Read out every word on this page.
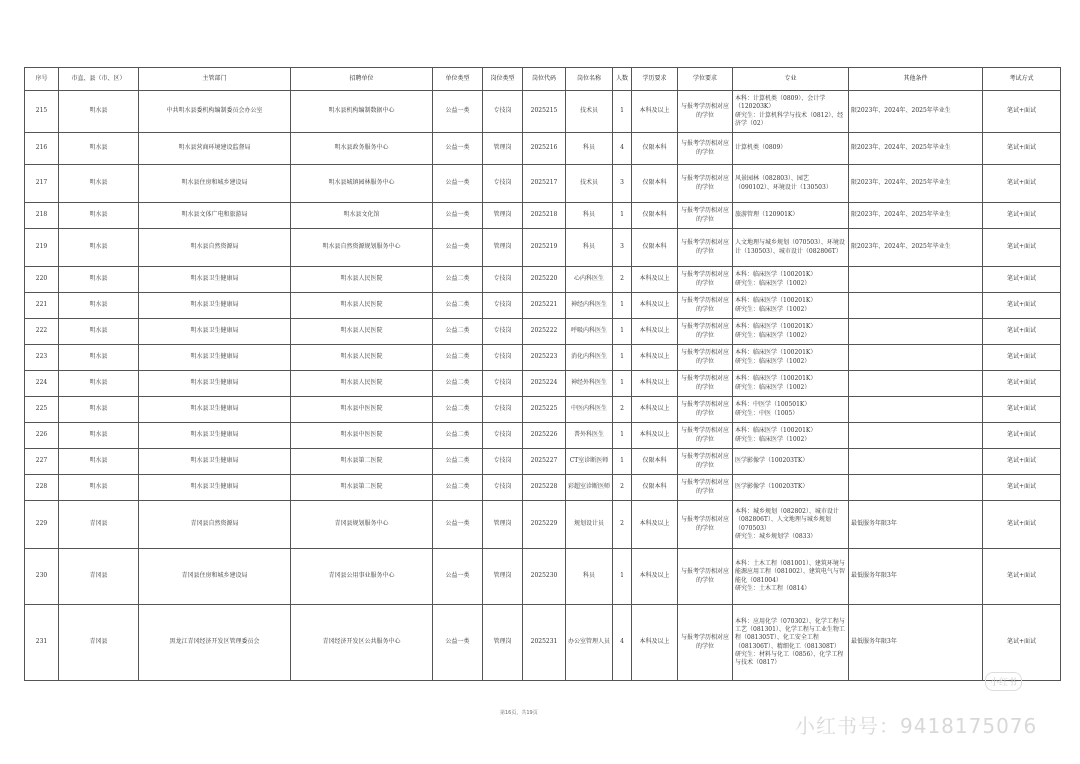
序号	市直、县（市、区）	主管部门	招聘单位	单位类型	岗位类型	岗位代码	岗位名称	人数	学历要求	学位要求	专业	其他条件	考试方式
215	明水县	中共明水县委机构编制委员会办公室	明水县机构编制数据中心	公益一类	专技岗	2025215	技术员	1	本科及以上	与报考学历相对应的学位	本科：计算机类（0809）、会计学（120203K）
研究生：计算机科学与技术（0812）、经济学（02）	限2023年、2024年、2025年毕业生	笔试+面试
216	明水县	明水县营商环境建设监督局	明水县政务服务中心	公益一类	管理岗	2025216	科员	4	仅限本科	与报考学历相对应的学位	计算机类（0809）	限2023年、2024年、2025年毕业生	笔试+面试
217	明水县	明水县住房和城乡建设局	明水县城镇园林服务中心	公益一类	专技岗	2025217	技术员	3	仅限本科	与报考学历相对应的学位	风景园林（082803）、园艺（090102）、环境设计（130503）	限2023年、2024年、2025年毕业生	笔试+面试
218	明水县	明水县文体广电和旅游局	明水县文化馆	公益一类	管理岗	2025218	科员	1	仅限本科	与报考学历相对应的学位	旅游管理（120901K）	限2023年、2024年、2025年毕业生	笔试+面试
219	明水县	明水县自然资源局	明水县自然资源规划服务中心	公益一类	管理岗	2025219	科员	3	仅限本科	与报考学历相对应的学位	人文地理与城乡规划（070503）、环境设计（130503）、城市设计（082806T）	限2023年、2024年、2025年毕业生	笔试+面试
220	明水县	明水县卫生健康局	明水县人民医院	公益二类	专技岗	2025220	心内科医生	2	本科及以上	与报考学历相对应的学位	本科：临床医学（100201K）
研究生：临床医学（1002）		笔试+面试
221	明水县	明水县卫生健康局	明水县人民医院	公益二类	专技岗	2025221	神经内科医生	1	本科及以上	与报考学历相对应的学位	本科：临床医学（100201K）
研究生：临床医学（1002）		笔试+面试
222	明水县	明水县卫生健康局	明水县人民医院	公益二类	专技岗	2025222	呼吸内科医生	1	本科及以上	与报考学历相对应的学位	本科：临床医学（100201K）
研究生：临床医学（1002）		笔试+面试
223	明水县	明水县卫生健康局	明水县人民医院	公益二类	专技岗	2025223	消化内科医生	1	本科及以上	与报考学历相对应的学位	本科：临床医学（100201K）
研究生：临床医学（1002）		笔试+面试
224	明水县	明水县卫生健康局	明水县人民医院	公益二类	专技岗	2025224	神经外科医生	1	本科及以上	与报考学历相对应的学位	本科：临床医学（100201K）
研究生：临床医学（1002）		笔试+面试
225	明水县	明水县卫生健康局	明水县中医医院	公益二类	专技岗	2025225	中医内科医生	2	本科及以上	与报考学历相对应的学位	本科：中医学（100501K）
研究生：中医（1005）		笔试+面试
226	明水县	明水县卫生健康局	明水县中医医院	公益二类	专技岗	2025226	普外科医生	1	本科及以上	与报考学历相对应的学位	本科：临床医学（100201K）
研究生：临床医学（1002）		笔试+面试
227	明水县	明水县卫生健康局	明水县第二医院	公益二类	专技岗	2025227	CT室诊断医师	1	仅限本科	与报考学历相对应的学位	医学影像学（100203TK）		笔试+面试
228	明水县	明水县卫生健康局	明水县第二医院	公益二类	专技岗	2025228	彩超室诊断医师	2	仅限本科	与报考学历相对应的学位	医学影像学（100203TK）		笔试+面试
229	青冈县	青冈县自然资源局	青冈县规划服务中心	公益一类	管理岗	2025229	规划设计员	2	本科及以上	与报考学历相对应的学位	本科：城乡规划（082802）、城市设计（082806T）、人文地理与城乡规划（070503）
研究生：城乡规划学（0833）	最低服务年限3年	笔试+面试
230	青冈县	青冈县住房和城乡建设局	青冈县公用事业服务中心	公益一类	管理岗	2025230	科员	1	本科及以上	与报考学历相对应的学位	本科：土木工程（081001）、建筑环境与能源应用工程（081002）、建筑电气与智能化（081004）
研究生：土木工程（0814）	最低服务年限3年	笔试+面试
231	青冈县	黑龙江青冈经济开发区管理委员会	青冈经济开发区公共服务中心	公益一类	管理岗	2025231	办公室管理人员	4	本科及以上	与报考学历相对应的学位	本科：应用化学（070302）、化学工程与工艺（081301）、化学工程与工业生物工程（081305T）、化工安全工程（081306T）、精细化工（081308T）
研究生：材料与化工（0856）、化学工程与技术（0817）	最低服务年限3年	笔试+面试
第16页，共19页
小红书
小红书号：9418175076
